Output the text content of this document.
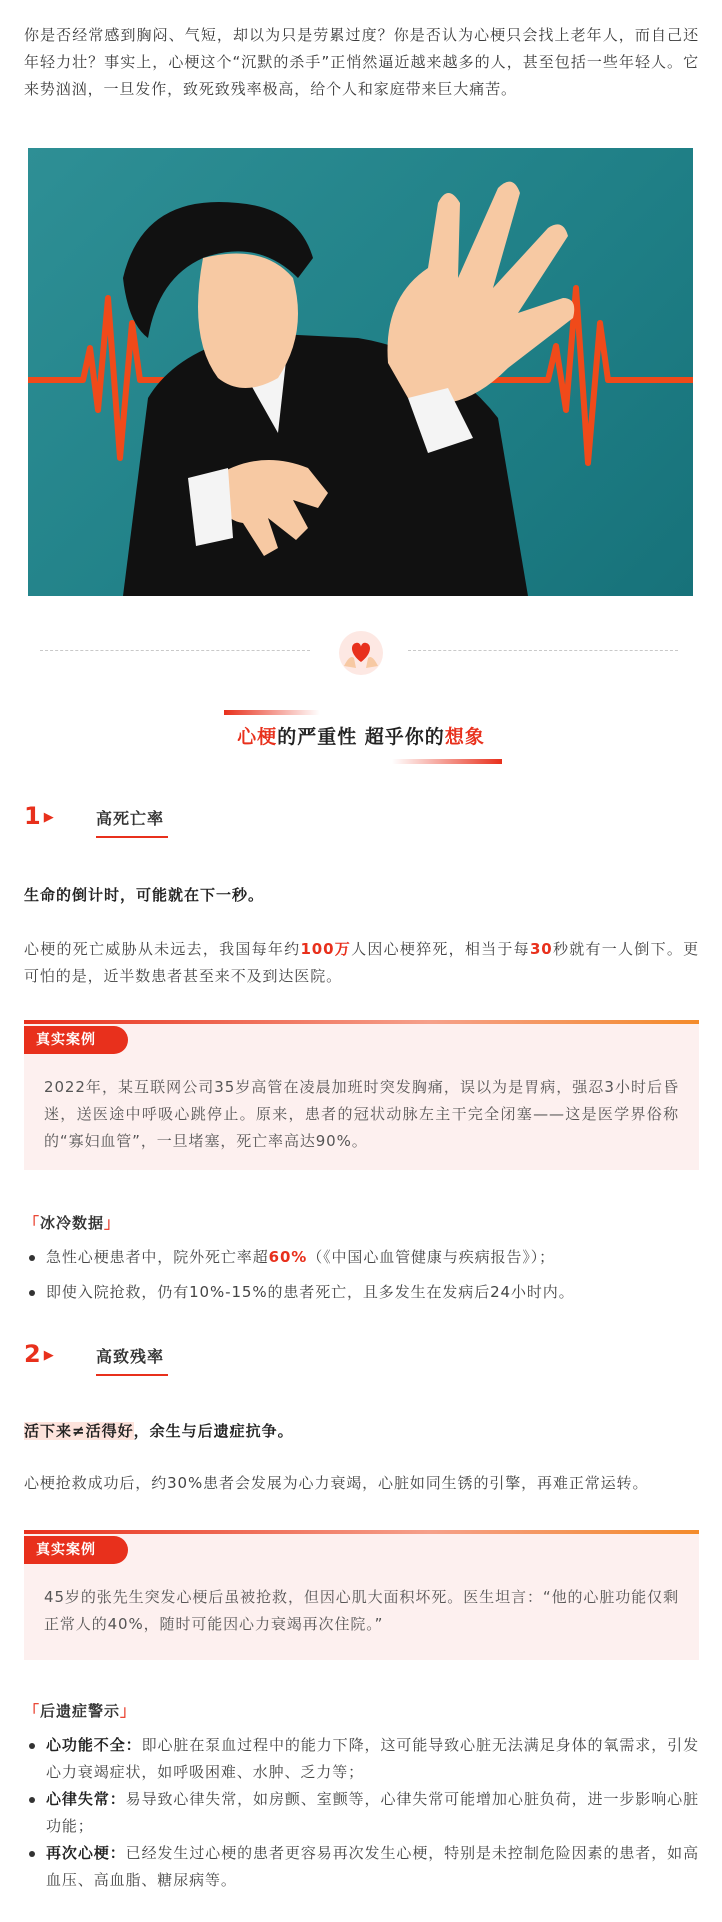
你是否经常感到胸闷、气短，却以为只是劳累过度？你是否认为心梗只会找上老年人，而自己还年轻力壮？事实上，心梗这个“沉默的杀手”正悄然逼近越来越多的人，甚至包括一些年轻人。它来势汹汹，一旦发作，致死致残率极高，给个人和家庭带来巨大痛苦。
心梗的严重性 超乎你的想象
1 ▶	高死亡率
生命的倒计时，可能就在下一秒。
心梗的死亡威胁从未远去，我国每年约100万人因心梗猝死，相当于每30秒就有一人倒下。更可怕的是，近半数患者甚至来不及到达医院。
真实案例
2022年，某互联网公司35岁高管在凌晨加班时突发胸痛，误以为是胃病，强忍3小时后昏迷，送医途中呼吸心跳停止。原来，患者的冠状动脉左主干完全闭塞——这是医学界俗称的“寡妇血管”，一旦堵塞，死亡率高达90%。
「冰冷数据」
急性心梗患者中，院外死亡率超60%（《中国心血管健康与疾病报告》）；
即使入院抢救，仍有10%-15%的患者死亡，且多发生在发病后24小时内。
2 ▶	高致残率
活下来≠活得好，余生与后遗症抗争。
心梗抢救成功后，约30%患者会发展为心力衰竭，心脏如同生锈的引擎，再难正常运转。
真实案例
45岁的张先生突发心梗后虽被抢救，但因心肌大面积坏死。医生坦言：“他的心脏功能仅剩正常人的40%，随时可能因心力衰竭再次住院。”
「后遗症警示」
心功能不全：即心脏在泵血过程中的能力下降，这可能导致心脏无法满足身体的氧需求，引发心力衰竭症状，如呼吸困难、水肿、乏力等；
心律失常：易导致心律失常，如房颤、室颤等，心律失常可能增加心脏负荷，进一步影响心脏功能；
再次心梗：已经发生过心梗的患者更容易再次发生心梗，特别是未控制危险因素的患者，如高血压、高血脂、糖尿病等。
